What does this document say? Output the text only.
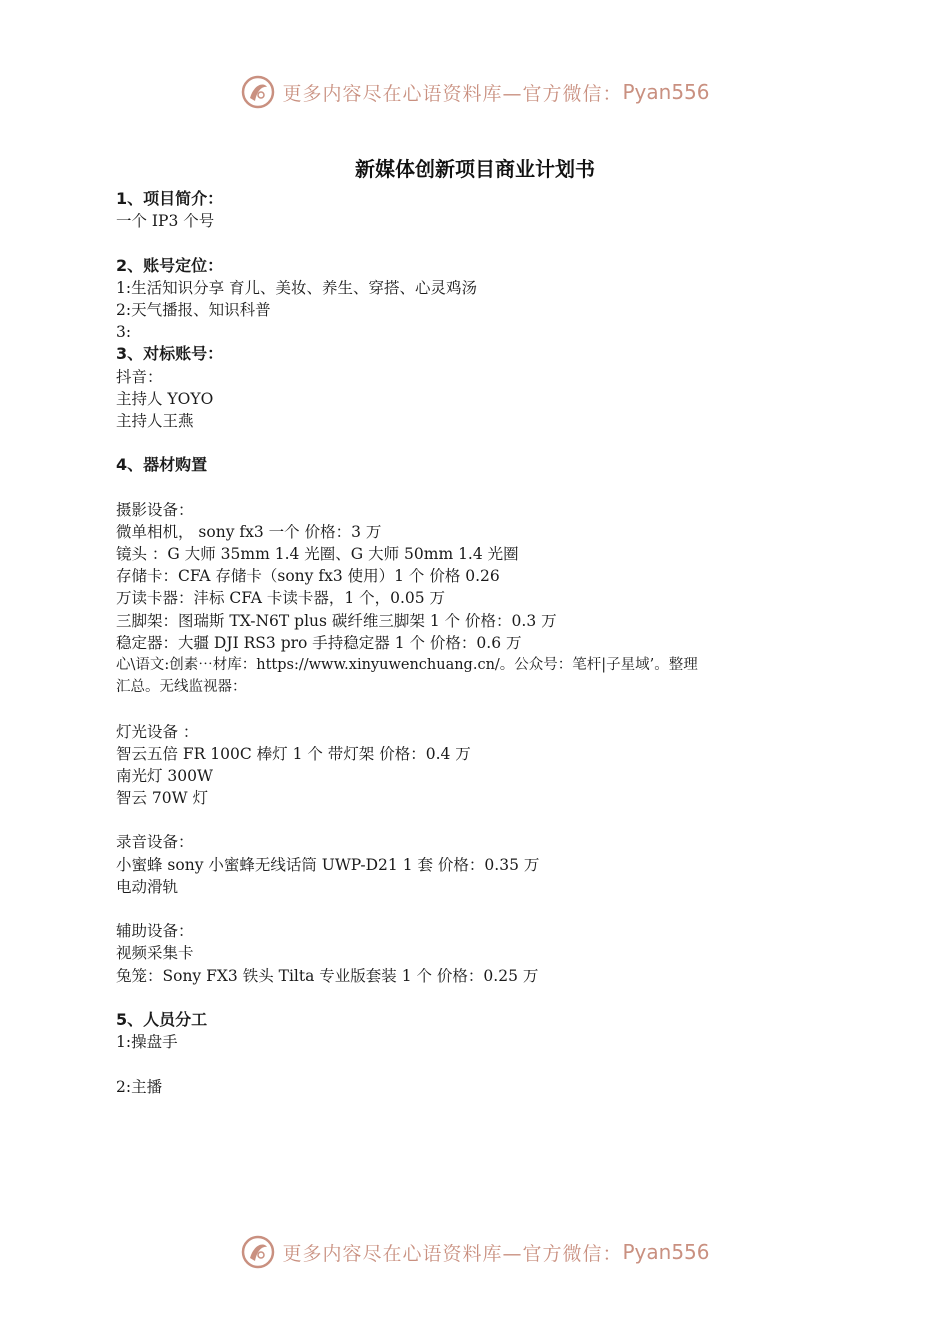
更多内容尽在心语资料库—官方微信： Pyan556
新媒体创新项目商业计划书
1、项目简介：
一个 IP3 个号
2、账号定位：
1:生活知识分享 育儿、美妆、养生、穿搭、心灵鸡汤
2:天气播报、知识科普
3:
3、对标账号：
抖音：
主持人 YOYO
主持人王燕
4、器材购置
摄影设备：
微单相机， sony fx3 一个 价格：3 万
镜头 ：G 大师 35mm 1.4 光圈、G 大师 50mm 1.4 光圈
存储卡：CFA 存储卡（sony fx3 使用）1 个 价格 0.26
万读卡器：沣标 CFA 卡读卡器，1 个，0.05 万
三脚架：图瑞斯 TX-N6T plus 碳纤维三脚架 1 个 价格：0.3 万
稳定器：大疆 DJI RS3 pro 手持稳定器 1 个 价格：0.6 万
心\语文:创素⋯材库：https://www.xinyuwenchuang.cn/。公众号：笔杆|子星域’。整理
汇总。无线监视器：
灯光设备 ：
智云五倍 FR 100C 棒灯 1 个 带灯架 价格：0.4 万
南光灯 300W
智云 70W 灯
录音设备：
小蜜蜂 sony 小蜜蜂无线话筒 UWP-D21 1 套 价格：0.35 万
电动滑轨
辅助设备：
视频采集卡
兔笼：Sony FX3 铁头 Tilta 专业版套装 1 个 价格：0.25 万
5、人员分工
1:操盘手
2:主播
更多内容尽在心语资料库—官方微信： Pyan556
